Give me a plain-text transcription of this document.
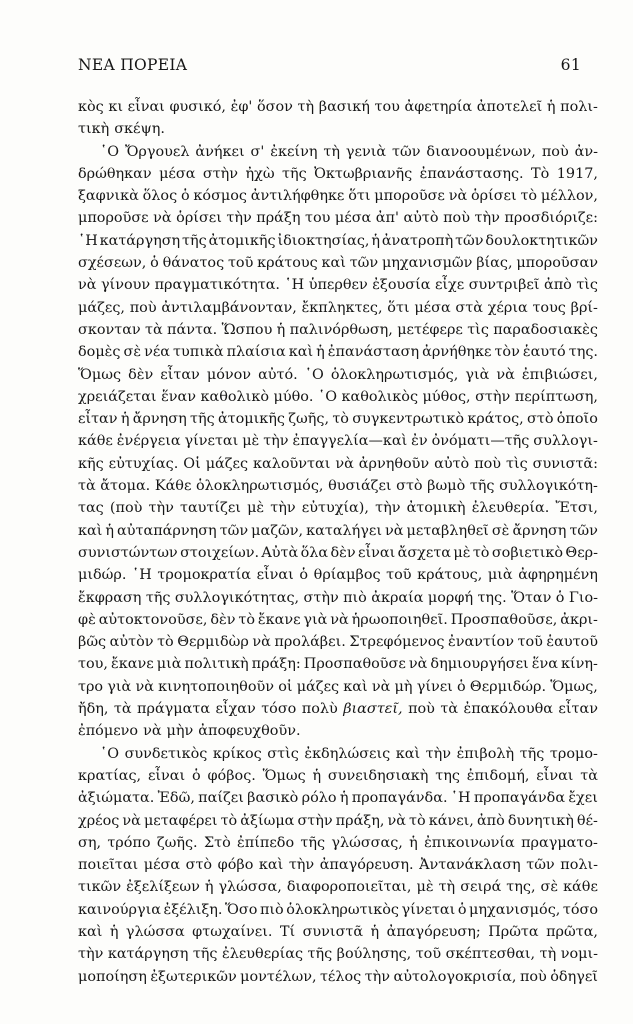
ΝΕΑ ΠΟΡΕΙΑ	61
κὸς κι εἶναι φυσικό, ἐφ' ὅσον τὴ βασική του ἀφετηρία ἀποτελεῖ ἡ πολι-
τικὴ σκέψη.
῾Ο Ὄργουελ ἀνήκει σ' ἐκείνη τὴ γενιὰ τῶν διανοουμένων, ποὺ ἀν-
δρώθηκαν μέσα στὴν ἠχὼ τῆς Ὀκτωβριανῆς ἐπανάστασης. Τὸ 1917,
ξαφνικὰ ὅλος ὁ κόσμος ἀντιλήφθηκε ὅτι μποροῦσε νὰ ὁρίσει τὸ μέλλον,
μποροῦσε νὰ ὁρίσει τὴν πράξη του μέσα ἀπ' αὐτὸ ποὺ τὴν προσδιόριζε:
῾Η κατάργηση τῆς ἀτομικῆς ἰδιοκτησίας, ἡ ἀνατροπὴ τῶν δουλοκτητικῶν
σχέσεων, ὁ θάνατος τοῦ κράτους καὶ τῶν μηχανισμῶν βίας, μποροῦσαν
νὰ γίνουν πραγματικότητα. ῾Η ὑπερθεν ἐξουσία εἶχε συντριβεῖ ἀπὸ τὶς
μάζες, ποὺ ἀντιλαμβάνονταν, ἔκπληκτες, ὅτι μέσα στὰ χέρια τους βρί-
σκονταν τὰ πάντα. Ὥσπου ἡ παλινόρθωση, μετέφερε τὶς παραδοσιακὲς
δομὲς σὲ νέα τυπικὰ πλαίσια καὶ ἡ ἐπανάσταση ἀρνήθηκε τὸν ἑαυτό της.
Ὅμως δὲν εἶταν μόνον αὐτό. ῾Ο ὁλοκληρωτισμός, γιὰ νὰ ἐπιβιώσει,
χρειάζεται ἕναν καθολικὸ μύθο. ῾Ο καθολικὸς μύθος, στὴν περίπτωση,
εἶταν ἡ ἄρνηση τῆς ἀτομικῆς ζωῆς, τὸ συγκεντρωτικὸ κράτος, στὸ ὁποῖο
κάθε ἐνέργεια γίνεται μὲ τὴν ἐπαγγελία—καὶ ἐν ὀνόματι—τῆς συλλογι-
κῆς εὐτυχίας. Οἱ μάζες καλοῦνται νὰ ἀρνηθοῦν αὐτὸ ποὺ τὶς συνιστᾶ:
τὰ ἄτομα. Κάθε ὁλοκληρωτισμός, θυσιάζει στὸ βωμὸ τῆς συλλογικότη-
τας (ποὺ τὴν ταυτίζει μὲ τὴν εὐτυχία), τὴν ἀτομικὴ ἐλευθερία. Ἔτσι,
καὶ ἡ αὐταπάρνηση τῶν μαζῶν, καταλήγει νὰ μεταβληθεῖ σὲ ἄρνηση τῶν
συνιστώντων στοιχείων. Αὐτὰ ὅλα δὲν εἶναι ἄσχετα μὲ τὸ σοβιετικὸ Θερ-
μιδώρ. ῾Η τρομοκρατία εἶναι ὁ θρίαμβος τοῦ κράτους, μιὰ ἀφηρημένη
ἔκφραση τῆς συλλογικότητας, στὴν πιὸ ἀκραία μορφή της. Ὅταν ὁ Γιο-
φὲ αὐτοκτονοῦσε, δὲν τὸ ἔκανε γιὰ νὰ ἡρωοποιηθεῖ. Προσπαθοῦσε, ἀκρι-
βῶς αὐτὸν τὸ Θερμιδὼρ νὰ προλάβει. Στρεφόμενος ἐναντίον τοῦ ἑαυτοῦ
του, ἔκανε μιὰ πολιτικὴ πράξη: Προσπαθοῦσε νὰ δημιουργήσει ἕνα κίνη-
τρο γιὰ νὰ κινητοποιηθοῦν οἱ μάζες καὶ νὰ μὴ γίνει ὁ Θερμιδώρ. Ὅμως,
ἤδη, τὰ πράγματα εἶχαν τόσο πολὺ βιαστεῖ, ποὺ τὰ ἐπακόλουθα εἶταν
ἐπόμενο νὰ μὴν ἀποφευχθοῦν.
῾Ο συνδετικὸς κρίκος στὶς ἐκδηλώσεις καὶ τὴν ἐπιβολὴ τῆς τρομο-
κρατίας, εἶναι ὁ φόβος. Ὅμως ἡ συνειδησιακὴ της ἐπιδομή, εἶναι τὰ
ἀξιώματα. Ἐδῶ, παίζει βασικὸ ρόλο ἡ προπαγάνδα. ῾Η προπαγάνδα ἔχει
χρέος νὰ μεταφέρει τὸ ἀξίωμα στὴν πράξη, νὰ τὸ κάνει, ἀπὸ δυνητικὴ θέ-
ση, τρόπο ζωῆς. Στὸ ἐπίπεδο τῆς γλώσσας, ἡ ἐπικοινωνία πραγματο-
ποιεῖται μέσα στὸ φόβο καὶ τὴν ἀπαγόρευση. Ἀντανάκλαση τῶν πολι-
τικῶν ἐξελίξεων ἡ γλώσσα, διαφοροποιεῖται, μὲ τὴ σειρά της, σὲ κάθε
καινούργια ἐξέλιξη. Ὅσο πιὸ ὁλοκληρωτικὸς γίνεται ὁ μηχανισμός, τόσο
καὶ ἡ γλώσσα φτωχαίνει. Τί συνιστᾶ ἡ ἀπαγόρευση; Πρῶτα πρῶτα,
τὴν κατάργηση τῆς ἐλευθερίας τῆς βούλησης, τοῦ σκέπτεσθαι, τὴ νομι-
μοποίηση ἐξωτερικῶν μοντέλων, τέλος τὴν αὐτολογοκρισία, ποὺ ὁδηγεῖ
